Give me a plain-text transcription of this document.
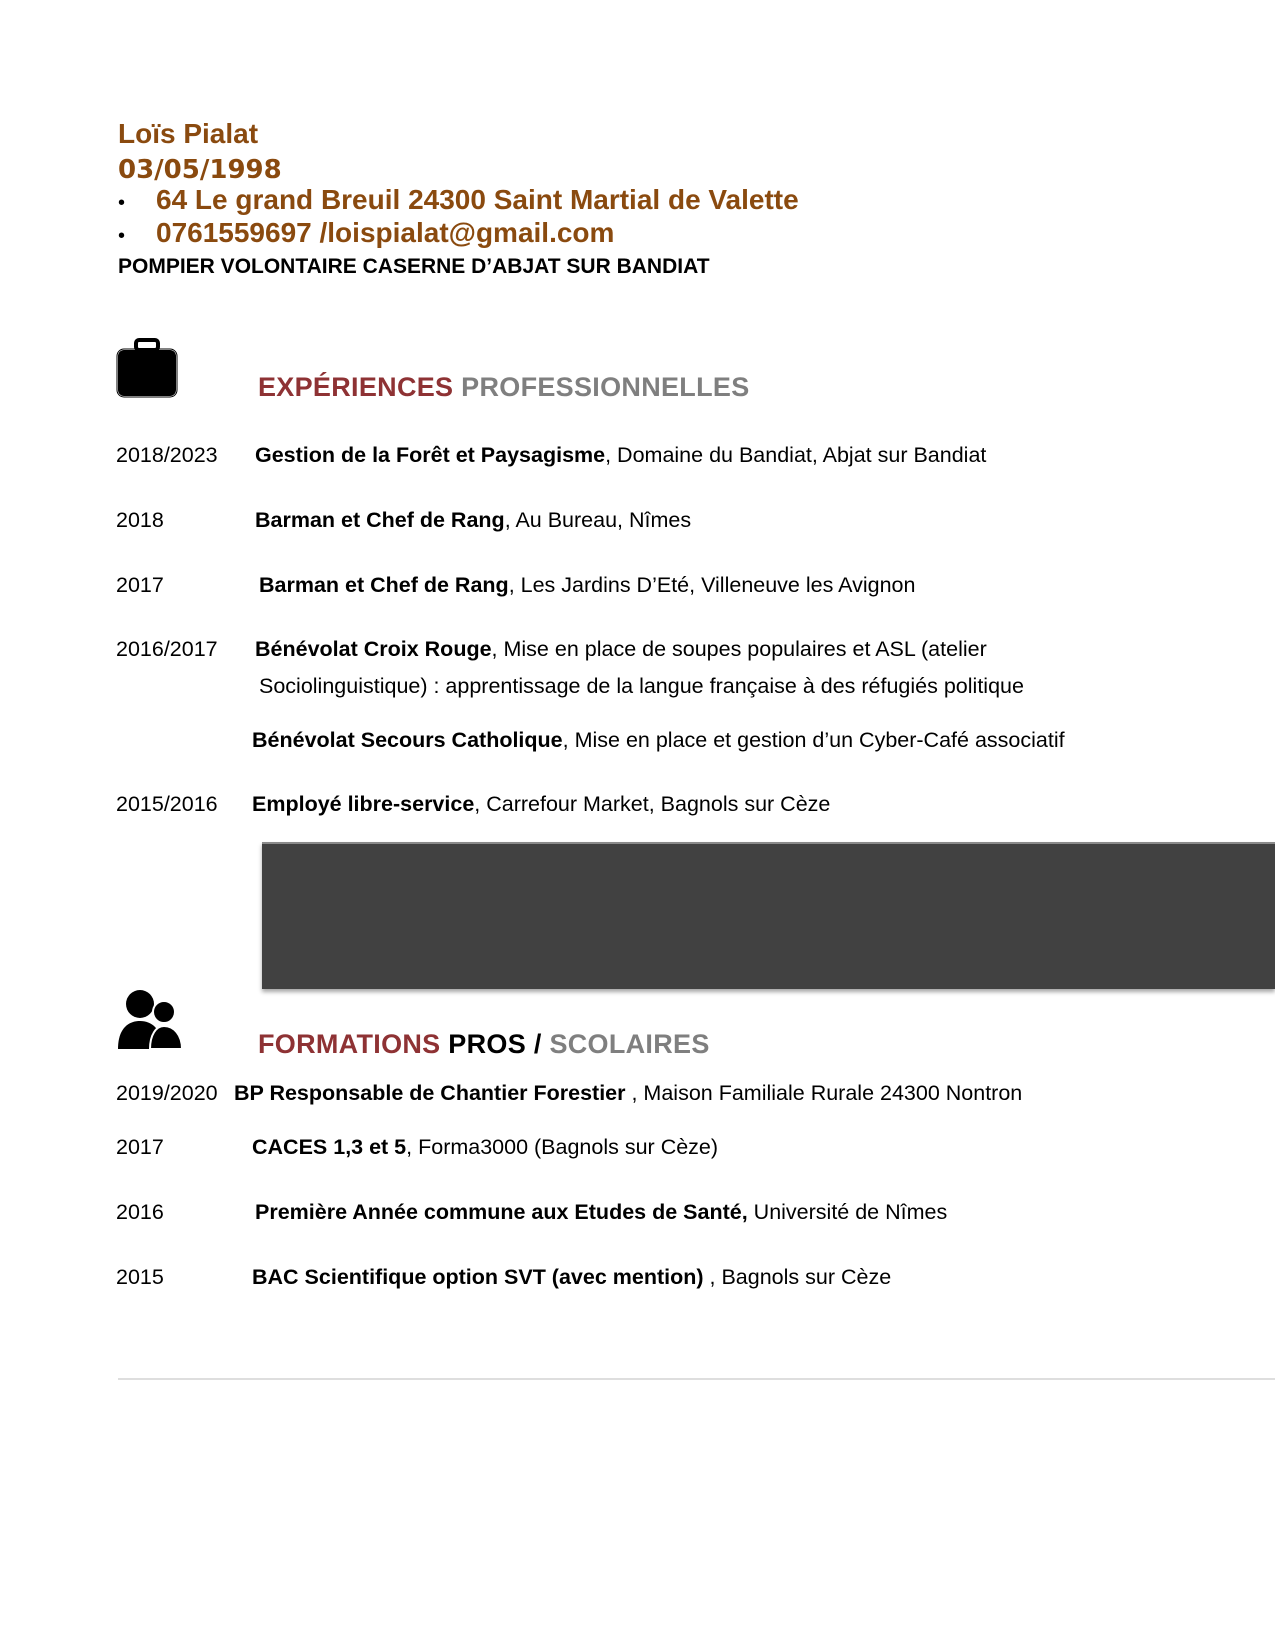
Loïs Pialat
03/05/1998
• 64 Le grand Breuil 24300 Saint Martial de Valette
• 0761559697 /loispialat@gmail.com
POMPIER VOLONTAIRE CASERNE D’ABJAT SUR BANDIAT
EXPÉRIENCES PROFESSIONNELLES
2018/2023 Gestion de la Forêt et Paysagisme, Domaine du Bandiat, Abjat sur Bandiat
2018	Barman et Chef de Rang, Au Bureau, Nîmes
2017	Barman et Chef de Rang, Les Jardins D’Eté, Villeneuve les Avignon
2016/2017 Bénévolat Croix Rouge, Mise en place de soupes populaires et ASL (atelier
Sociolinguistique) : apprentissage de la langue française à des réfugiés politique
Bénévolat Secours Catholique, Mise en place et gestion d’un Cyber-Café associatif
2015/2016 Employé libre-service, Carrefour Market, Bagnols sur Cèze
FORMATIONS PROS / SCOLAIRES
2019/2020 BP Responsable de Chantier Forestier , Maison Familiale Rurale 24300 Nontron
2017	CACES 1,3 et 5, Forma3000 (Bagnols sur Cèze)
2016	Première Année commune aux Etudes de Santé, Université de Nîmes
2015	BAC Scientifique option SVT (avec mention) , Bagnols sur Cèze
